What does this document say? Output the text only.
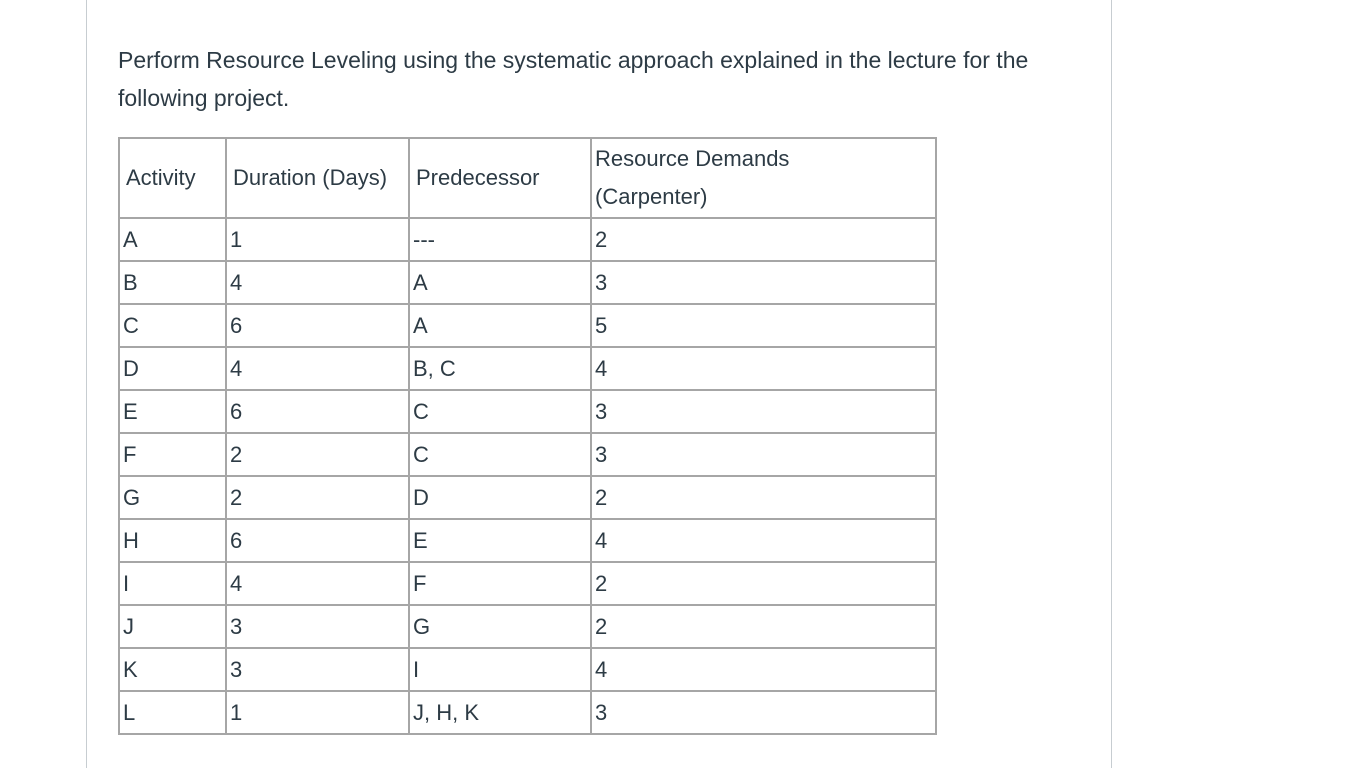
Perform Resource Leveling using the systematic approach explained in the lecture for the following project.

Activity	Duration (Days)	Predecessor	Resource Demands
(Carpenter)
A	1	---	2
B	4	A	3
C	6	A	5
D	4	B, C	4
E	6	C	3
F	2	C	3
G	2	D	2
H	6	E	4
I	4	F	2
J	3	G	2
K	3	I	4
L	1	J, H, K	3
